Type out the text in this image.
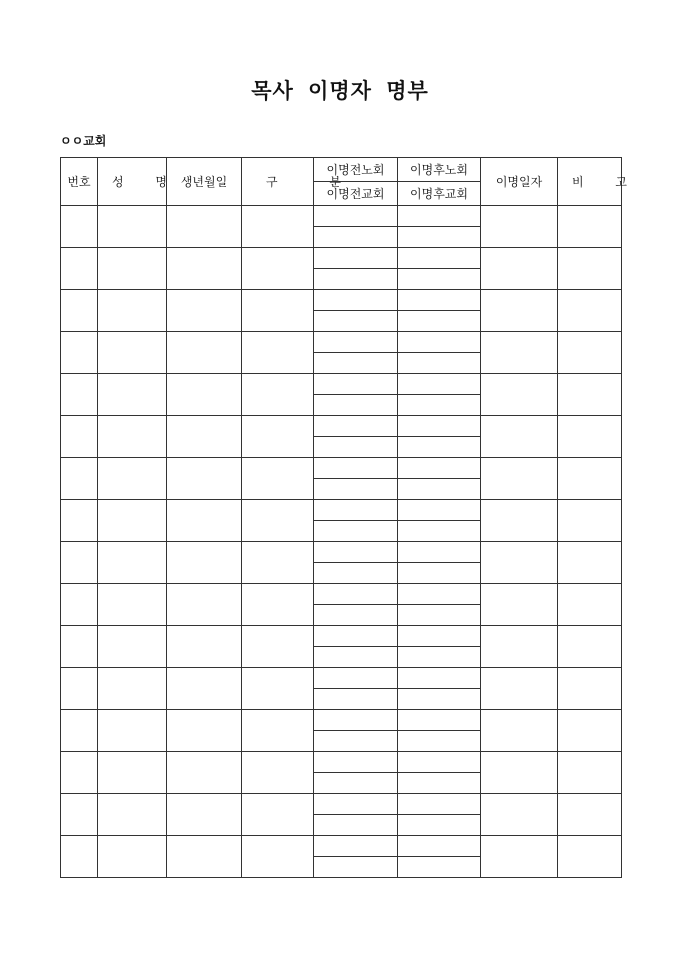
목사 이명자 명부
ㅇㅇ교회
번호	성 명	생년월일	구 분	이명전노회	이명후노회	이명일자	비 고
				이명전교회	이명후교회		
